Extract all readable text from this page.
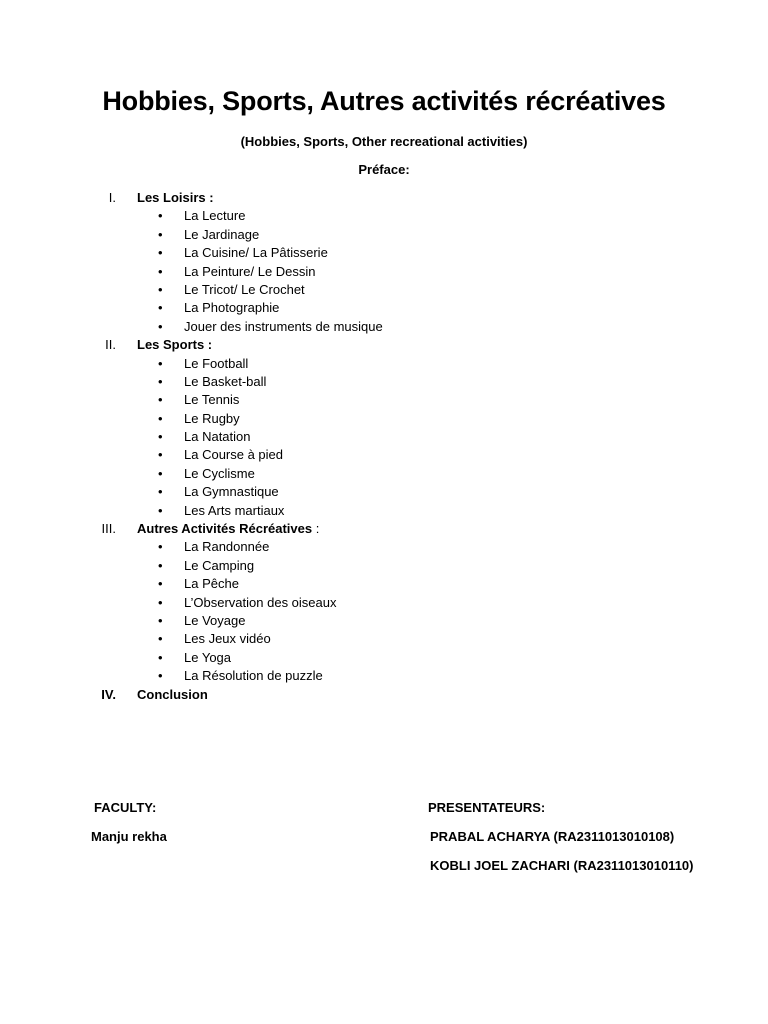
Hobbies, Sports, Autres activités récréatives
(Hobbies, Sports, Other recreational activities)
Préface:
I. Les Loisirs :
• La Lecture
• Le Jardinage
• La Cuisine/ La Pâtisserie
• La Peinture/ Le Dessin
• Le Tricot/ Le Crochet
• La Photographie
• Jouer des instruments de musique
II. Les Sports :
• Le Football
• Le Basket-ball
• Le Tennis
• Le Rugby
• La Natation
• La Course à pied
• Le Cyclisme
• La Gymnastique
• Les Arts martiaux
III. Autres Activités Récréatives :
• La Randonnée
• Le Camping
• La Pêche
• L’Observation des oiseaux
• Le Voyage
• Les Jeux vidéo
• Le Yoga
• La Résolution de puzzle
IV. Conclusion
FACULTY:
Manju rekha
PRESENTATEURS:
PRABAL ACHARYA (RA2311013010108)
KOBLI JOEL ZACHARI (RA2311013010110)
